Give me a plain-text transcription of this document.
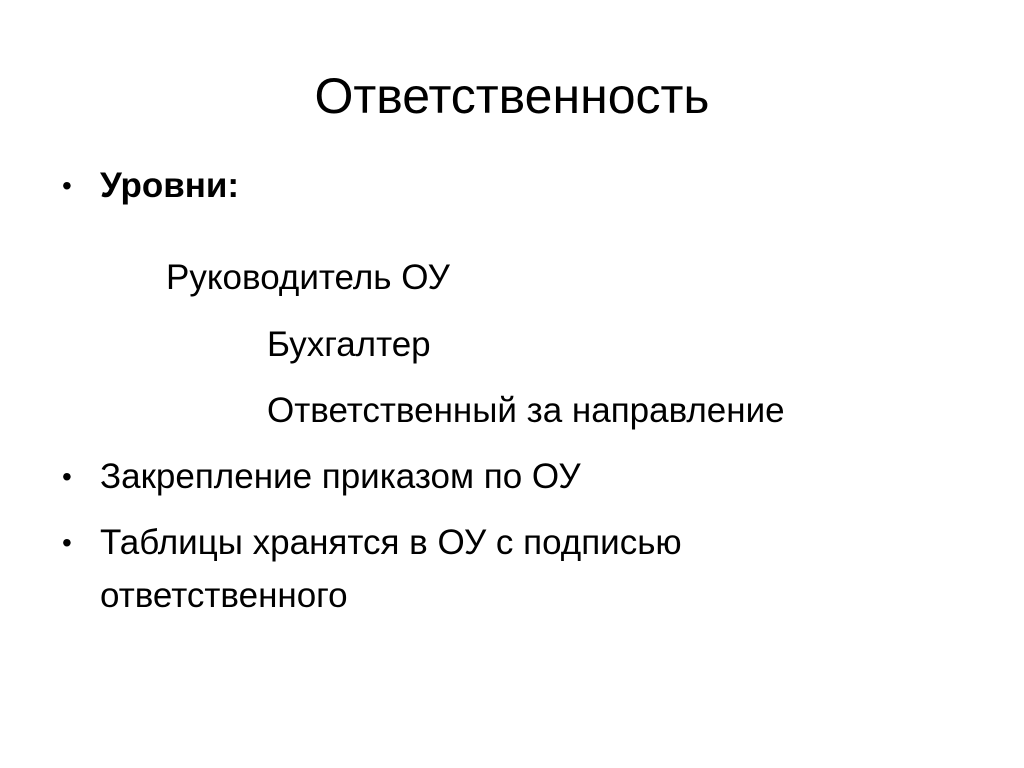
Ответственность
• Уровни:
Руководитель ОУ
Бухгалтер
Ответственный за направление
• Закрепление приказом по ОУ
• Таблицы хранятся в ОУ с подписью
ответственного
